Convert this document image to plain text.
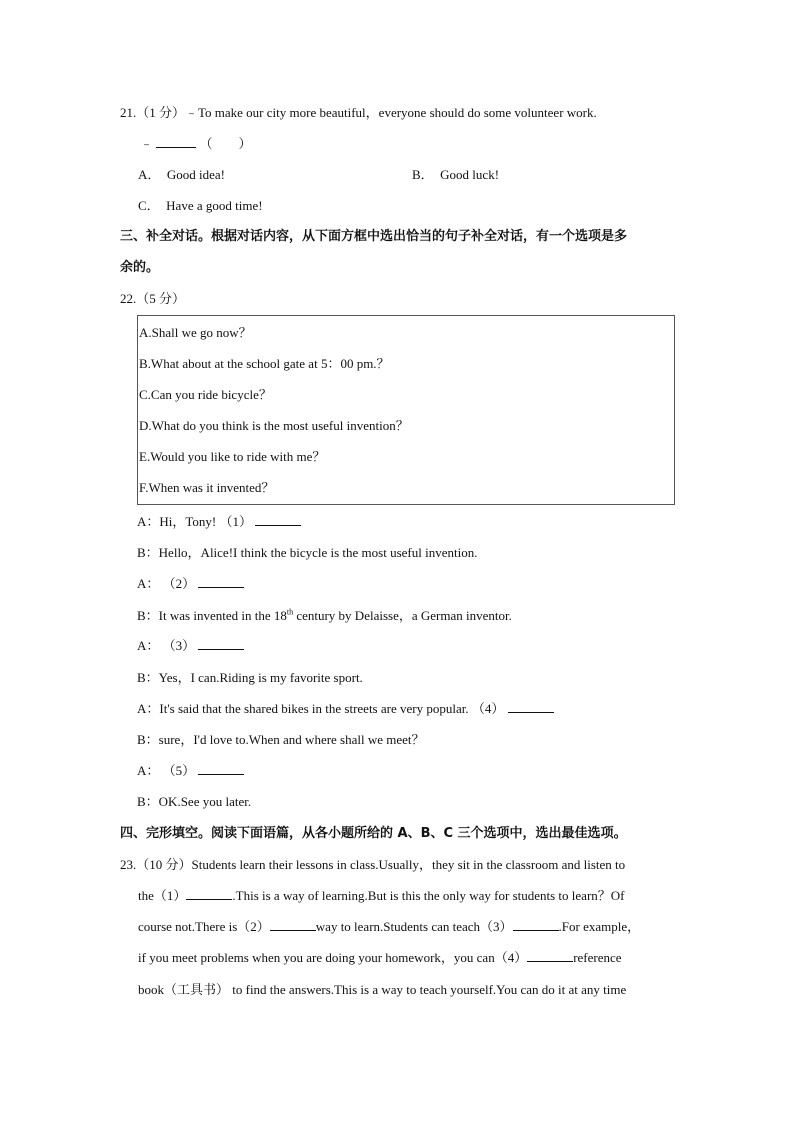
21.（1 分）﹣To make our city more beautiful，everyone should do some volunteer work.
﹣	（　　）
A．　Good idea!	B．　Good luck!
C．　Have a good time!
三、补全对话。根据对话内容，从下面方框中选出恰当的句子补全对话，有一个选项是多
余的。
22.（5 分）
A.Shall we go now？
B.What about at the school gate at 5：00 pm.？
C.Can you ride bicycle？
D.What do you think is the most useful invention？
E.Would you like to ride with me？
F.When was it invented？
A：Hi，Tony! （1）
B：Hello，Alice!I think the bicycle is the most useful invention.
A： （2）
B：It was invented in the 18th century by Delaisse，a German inventor.
A： （3）
B：Yes，I can.Riding is my favorite sport.
A：It's said that the shared bikes in the streets are very popular. （4）
B：sure，I'd love to.When and where shall we meet？
A： （5）
B：OK.See you later.
四、完形填空。阅读下面语篇，从各小题所给的 A、B、C 三个选项中，选出最佳选项。
23.（10 分）Students learn their lessons in class.Usually，they sit in the classroom and listen to
the（1）	.This is a way of learning.But is this the only way for students to learn？Of
course not.There is（2）	way to learn.Students can teach（3）	.For example，
if you meet problems when you are doing your homework，you can（4）	reference
book（工具书） to find the answers.This is a way to teach yourself.You can do it at any time
